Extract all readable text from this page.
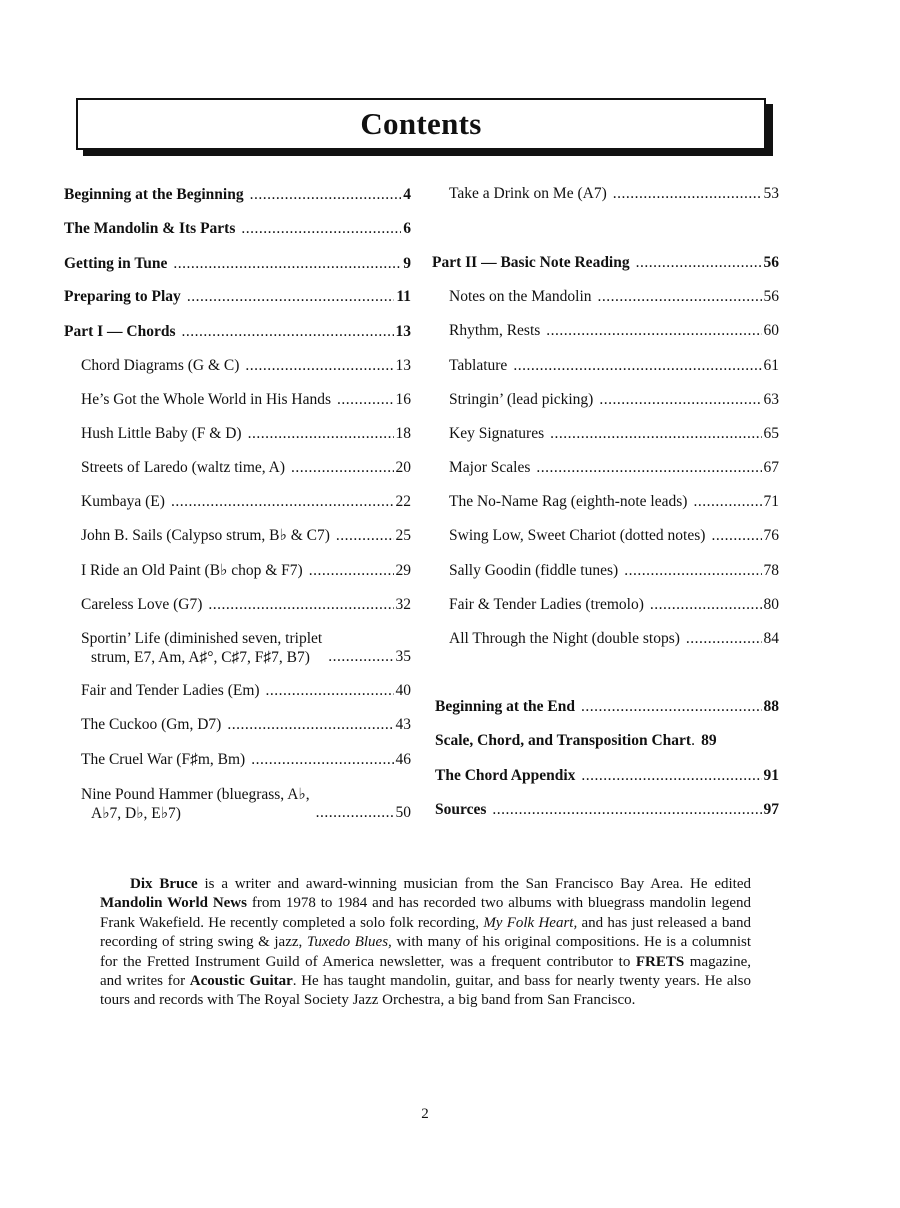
Contents
Beginning at the Beginning .....	4
The Mandolin & Its Parts .....	6
Getting in Tune .....	9
Preparing to Play .....	11
Part I — Chords .....	13
Chord Diagrams (G & C) .....	13
He’s Got the Whole World in His Hands .....	16
Hush Little Baby (F & D) .....	18
Streets of Laredo (waltz time, A) .....	20
Kumbaya (E) .....	22
John B. Sails (Calypso strum, B♭ & C7) .....	25
I Ride an Old Paint (B♭ chop & F7) .....	29
Careless Love (G7) .....	32
Sportin’ Life (diminished seven, triplet
strum, E7, Am, A♯°, C♯7, F♯7, B7) .....	35
Fair and Tender Ladies (Em) .....	40
The Cuckoo (Gm, D7) .....	43
The Cruel War (F♯m, Bm) .....	46
Nine Pound Hammer (bluegrass, A♭,
A♭7, D♭, E♭7) .....	50
Take a Drink on Me (A7) .....	53
Part II — Basic Note Reading .....	56
Notes on the Mandolin .....	56
Rhythm, Rests .....	60
Tablature .....	61
Stringin’ (lead picking) .....	63
Key Signatures .....	65
Major Scales .....	67
The No-Name Rag (eighth-note leads) .....	71
Swing Low, Sweet Chariot (dotted notes) .....	76
Sally Goodin (fiddle tunes) .....	78
Fair & Tender Ladies (tremolo) .....	80
All Through the Night (double stops) .....	84
Beginning at the End .....	88
Scale, Chord, and Transposition Chart ..... 89
The Chord Appendix .....	91
Sources .....	97

Dix Bruce is a writer and award-winning musician from the San Francisco Bay Area. He edited Mandolin World News from 1978 to 1984 and has recorded two albums with bluegrass mandolin legend Frank Wakefield. He recently completed a solo folk recording, My Folk Heart, and has just released a band recording of string swing & jazz, Tuxedo Blues, with many of his original compositions. He is a columnist for the Fretted Instrument Guild of America newsletter, was a frequent contributor to FRETS magazine, and writes for Acoustic Guitar. He has taught mandolin, guitar, and bass for nearly twenty years. He also tours and records with The Royal Society Jazz Orchestra, a big band from San Francisco.

2
